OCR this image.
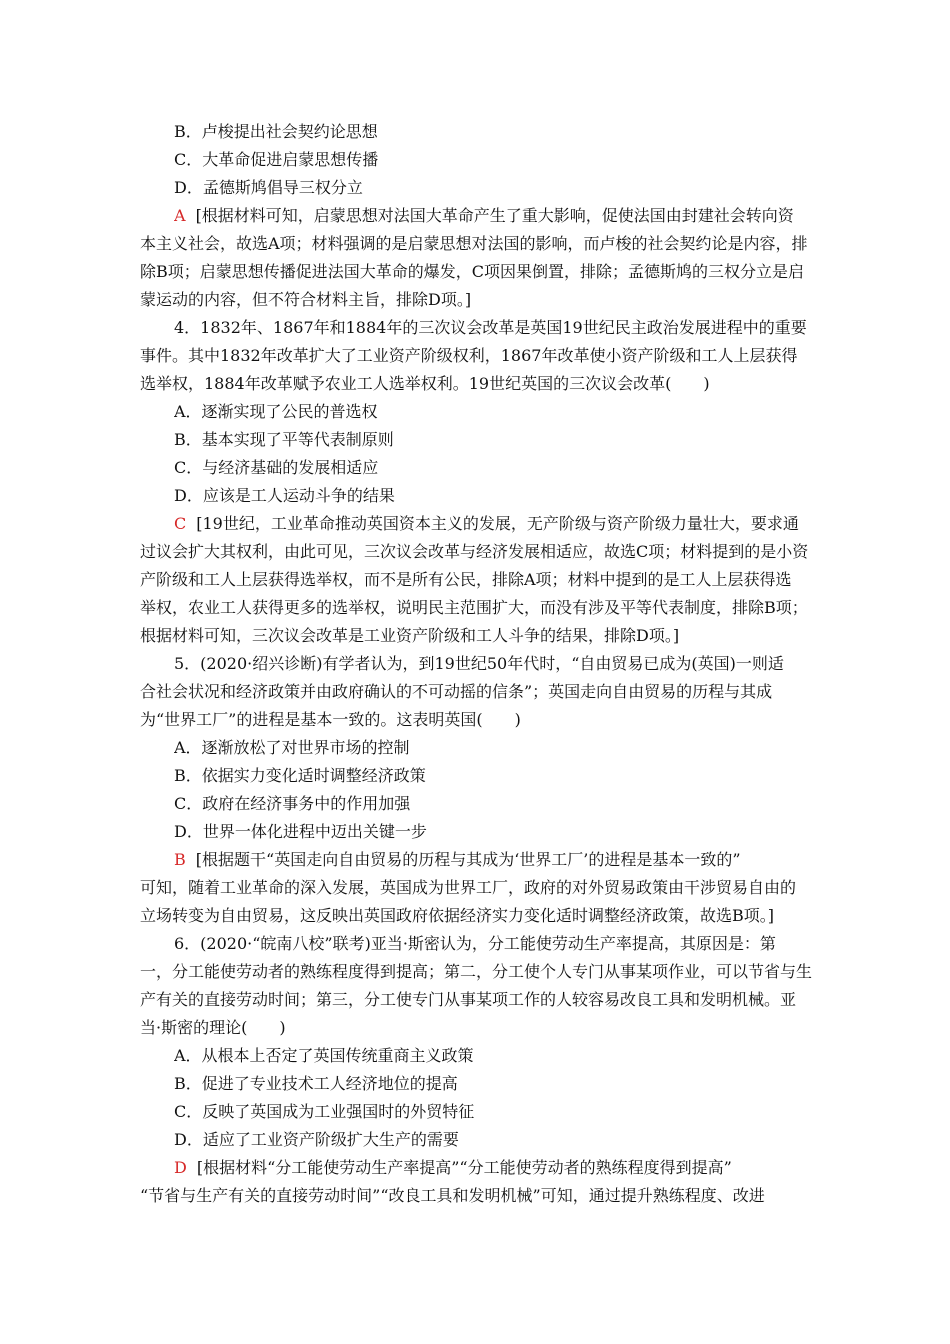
B．卢梭提出社会契约论思想
C．大革命促进启蒙思想传播
D．孟德斯鸠倡导三权分立
A [根据材料可知，启蒙思想对法国大革命产生了重大影响，促使法国由封建社会转向资
本主义社会，故选A项；材料强调的是启蒙思想对法国的影响，而卢梭的社会契约论是内容，排
除B项；启蒙思想传播促进法国大革命的爆发，C项因果倒置，排除；孟德斯鸠的三权分立是启
蒙运动的内容，但不符合材料主旨，排除D项。]
4．1832年、1867年和1884年的三次议会改革是英国19世纪民主政治发展进程中的重要
事件。其中1832年改革扩大了工业资产阶级权利，1867年改革使小资产阶级和工人上层获得
选举权，1884年改革赋予农业工人选举权利。19世纪英国的三次议会改革(　　)
A．逐渐实现了公民的普选权
B．基本实现了平等代表制原则
C．与经济基础的发展相适应
D．应该是工人运动斗争的结果
C [19世纪，工业革命推动英国资本主义的发展，无产阶级与资产阶级力量壮大，要求通
过议会扩大其权利，由此可见，三次议会改革与经济发展相适应，故选C项；材料提到的是小资
产阶级和工人上层获得选举权，而不是所有公民，排除A项；材料中提到的是工人上层获得选
举权，农业工人获得更多的选举权，说明民主范围扩大，而没有涉及平等代表制度，排除B项；
根据材料可知，三次议会改革是工业资产阶级和工人斗争的结果，排除D项。]
5．(2020·绍兴诊断)有学者认为，到19世纪50年代时，“自由贸易已成为(英国)一则适
合社会状况和经济政策并由政府确认的不可动摇的信条”；英国走向自由贸易的历程与其成
为“世界工厂”的进程是基本一致的。这表明英国(　　)
A．逐渐放松了对世界市场的控制
B．依据实力变化适时调整经济政策
C．政府在经济事务中的作用加强
D．世界一体化进程中迈出关键一步
B [根据题干“英国走向自由贸易的历程与其成为‘世界工厂’的进程是基本一致的”
可知，随着工业革命的深入发展，英国成为世界工厂，政府的对外贸易政策由干涉贸易自由的
立场转变为自由贸易，这反映出英国政府依据经济实力变化适时调整经济政策，故选B项。]
6．(2020·“皖南八校”联考)亚当·斯密认为，分工能使劳动生产率提高，其原因是：第
一，分工能使劳动者的熟练程度得到提高；第二，分工使个人专门从事某项作业，可以节省与生
产有关的直接劳动时间；第三，分工使专门从事某项工作的人较容易改良工具和发明机械。亚
当·斯密的理论(　　)
A．从根本上否定了英国传统重商主义政策
B．促进了专业技术工人经济地位的提高
C．反映了英国成为工业强国时的外贸特征
D．适应了工业资产阶级扩大生产的需要
D [根据材料“分工能使劳动生产率提高”“分工能使劳动者的熟练程度得到提高”
“节省与生产有关的直接劳动时间”“改良工具和发明机械”可知，通过提升熟练程度、改进
